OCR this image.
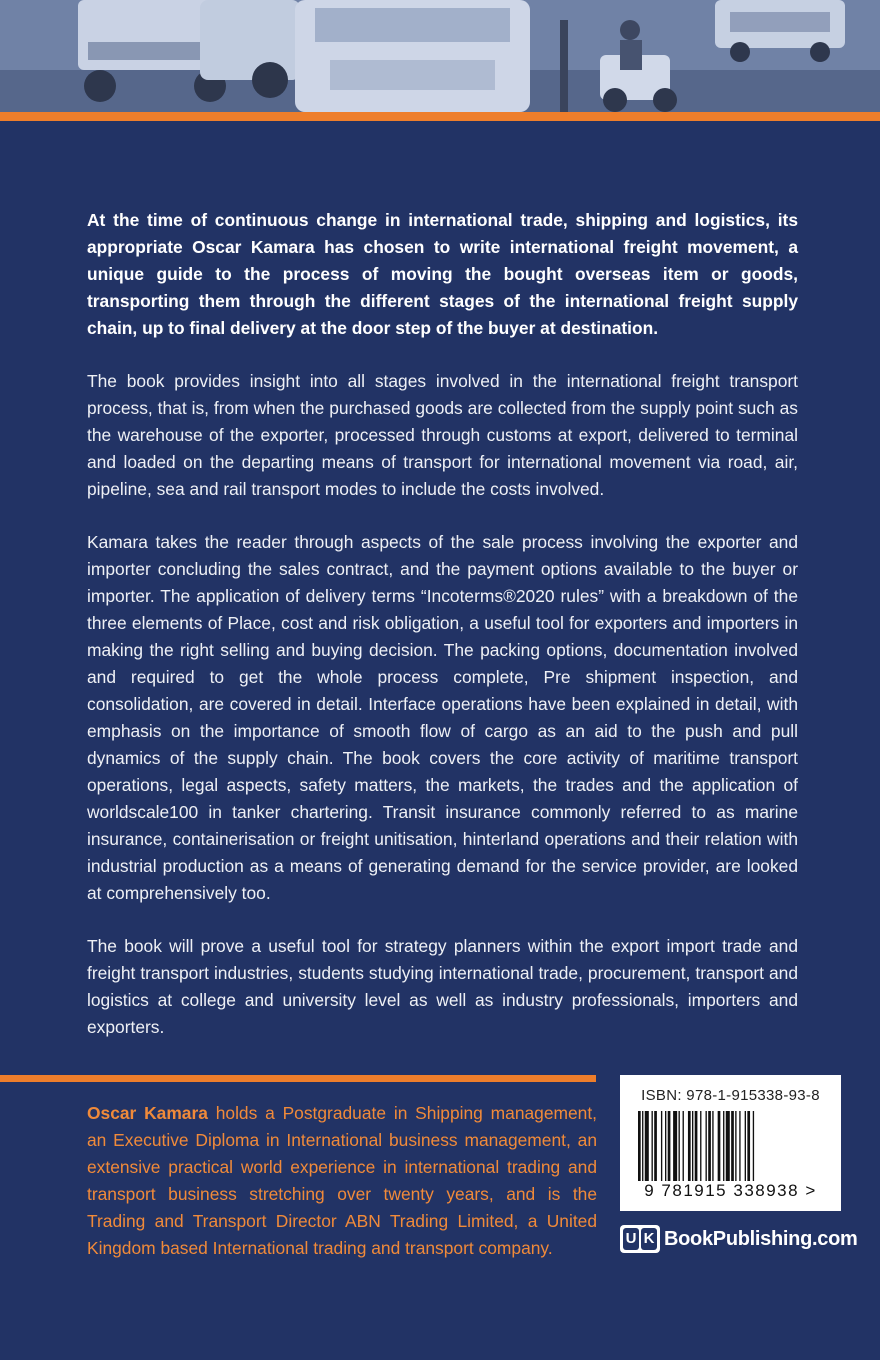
At the time of continuous change in international trade, shipping and logistics, its appropriate Oscar Kamara has chosen to write international freight movement, a unique guide to the process of moving the bought overseas item or goods, transporting them through the different stages of the international freight supply chain, up to final delivery at the door step of the buyer at destination.

The book provides insight into all stages involved in the international freight transport process, that is, from when the purchased goods are collected from the supply point such as the warehouse of the exporter, processed through customs at export, delivered to terminal and loaded on the departing means of transport for international movement via road, air, pipeline, sea and rail transport modes to include the costs involved.

Kamara takes the reader through aspects of the sale process involving the exporter and importer concluding the sales contract, and the payment options available to the buyer or importer. The application of delivery terms “Incoterms®2020 rules” with a breakdown of the three elements of Place, cost and risk obligation, a useful tool for exporters and importers in making the right selling and buying decision. The packing options, documentation involved and required to get the whole process complete, Pre shipment inspection, and consolidation, are covered in detail. Interface operations have been explained in detail, with emphasis on the importance of smooth flow of cargo as an aid to the push and pull dynamics of the supply chain. The book covers the core activity of maritime transport operations, legal aspects, safety matters, the markets, the trades and the application of worldscale100 in tanker chartering. Transit insurance commonly referred to as marine insurance, containerisation or freight unitisation, hinterland operations and their relation with industrial production as a means of generating demand for the service provider, are looked at comprehensively too.

The book will prove a useful tool for strategy planners within the export import trade and freight transport industries, students studying international trade, procurement, transport and logistics at college and university level as well as industry professionals, importers and exporters.

Oscar Kamara holds a Postgraduate in Shipping management, an Executive Diploma in International business management, an extensive practical world experience in international trading and transport business stretching over twenty years, and is the Trading and Transport Director ABN Trading Limited, a United Kingdom based International trading and transport company.
ISBN: 978-1-915338-93-8
9 781915 338938 >
U K BookPublishing.com
